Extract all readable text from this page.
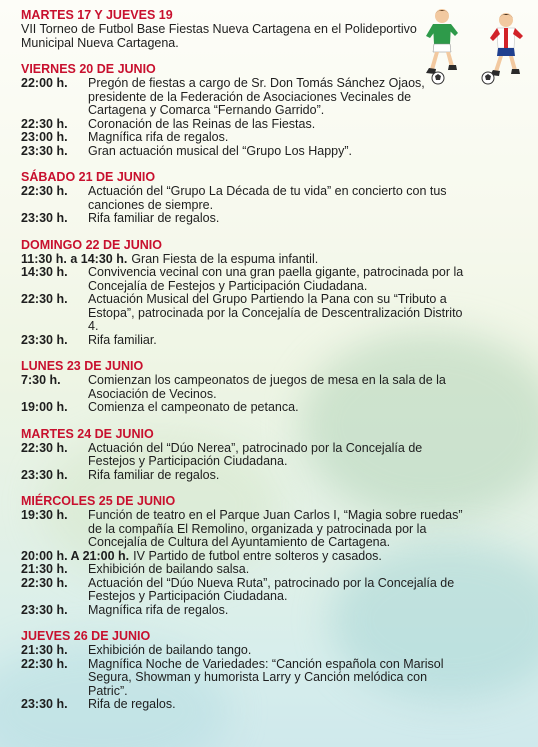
MARTES 17 Y JUEVES 19
VII Torneo de Futbol Base Fiestas Nueva Cartagena en el Polideportivo Municipal Nueva Cartagena.
VIERNES 20 DE JUNIO
22:00 h.	Pregón de fiestas a cargo de Sr. Don Tomás Sánchez Ojaos, presidente de la Federación de Asociaciones Vecinales de Cartagena y Comarca “Fernando Garrido”.
22:30 h.	Coronación de las Reinas de las Fiestas.
23:00 h.	Magnífica rifa de regalos.
23:30 h.	Gran actuación musical del “Grupo Los Happy”.
SÁBADO 21 DE JUNIO
22:30 h.	Actuación del “Grupo La Década de tu vida” en concierto con tus canciones de siempre.
23:30 h.	Rifa familiar de regalos.
DOMINGO 22 DE JUNIO
11:30 h. a 14:30 h. Gran Fiesta de la espuma infantil.
14:30 h.	Convivencia vecinal con una gran paella gigante, patrocinada por la Concejalía de Festejos y Participación Ciudadana.
22:30 h.	Actuación Musical del Grupo Partiendo la Pana con su “Tributo a Estopa”, patrocinada por la Concejalía de Descentralización Distrito 4.
23:30 h.	Rifa familiar.
LUNES 23 DE JUNIO
7:30 h.	Comienzan los campeonatos de juegos de mesa en la sala de la Asociación de Vecinos.
19:00 h.	Comienza el campeonato de petanca.
MARTES 24 DE JUNIO
22:30 h.	Actuación del “Dúo Nerea”, patrocinado por la Concejalía de Festejos y Participación Ciudadana.
23:30 h.	Rifa familiar de regalos.
MIÉRCOLES 25 DE JUNIO
19:30 h.	Función de teatro en el Parque Juan Carlos I, “Magia sobre ruedas” de la compañía El Remolino, organizada y patrocinada por la Concejalía de Cultura del Ayuntamiento de Cartagena.
20:00 h. A 21:00 h. IV Partido de futbol entre solteros y casados.
21:30 h.	Exhibición de bailando salsa.
22:30 h.	Actuación del “Dúo Nueva Ruta”, patrocinado por la Concejalía de Festejos y Participación Ciudadana.
23:30 h.	Magnífica rifa de regalos.
JUEVES 26 DE JUNIO
21:30 h.	Exhibición de bailando tango.
22:30 h.	Magnífica Noche de Variedades: “Canción española con Marisol Segura, Showman y humorista Larry y Canción melódica con Patric”.
23:30 h.	Rifa de regalos.
